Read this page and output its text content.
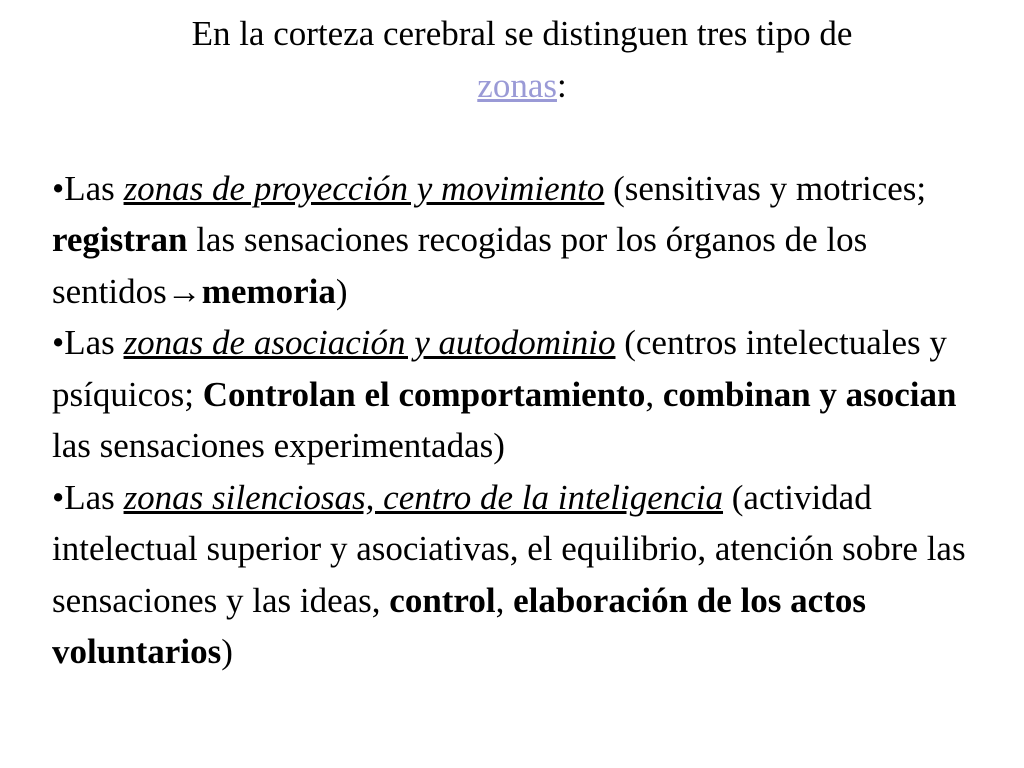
En la corteza cerebral se distinguen tres tipo de
zonas:

•Las zonas de proyección y movimiento (sensitivas y motrices; registran las sensaciones recogidas por los órganos de los sentidos→memoria)

•Las zonas de asociación y autodominio (centros intelectuales y psíquicos; Controlan el comportamiento, combinan y asocian las sensaciones experimentadas)

•Las zonas silenciosas, centro de la inteligencia (actividad intelectual superior y asociativas, el equilibrio, atención sobre las sensaciones y las ideas, control, elaboración de los actos voluntarios)
